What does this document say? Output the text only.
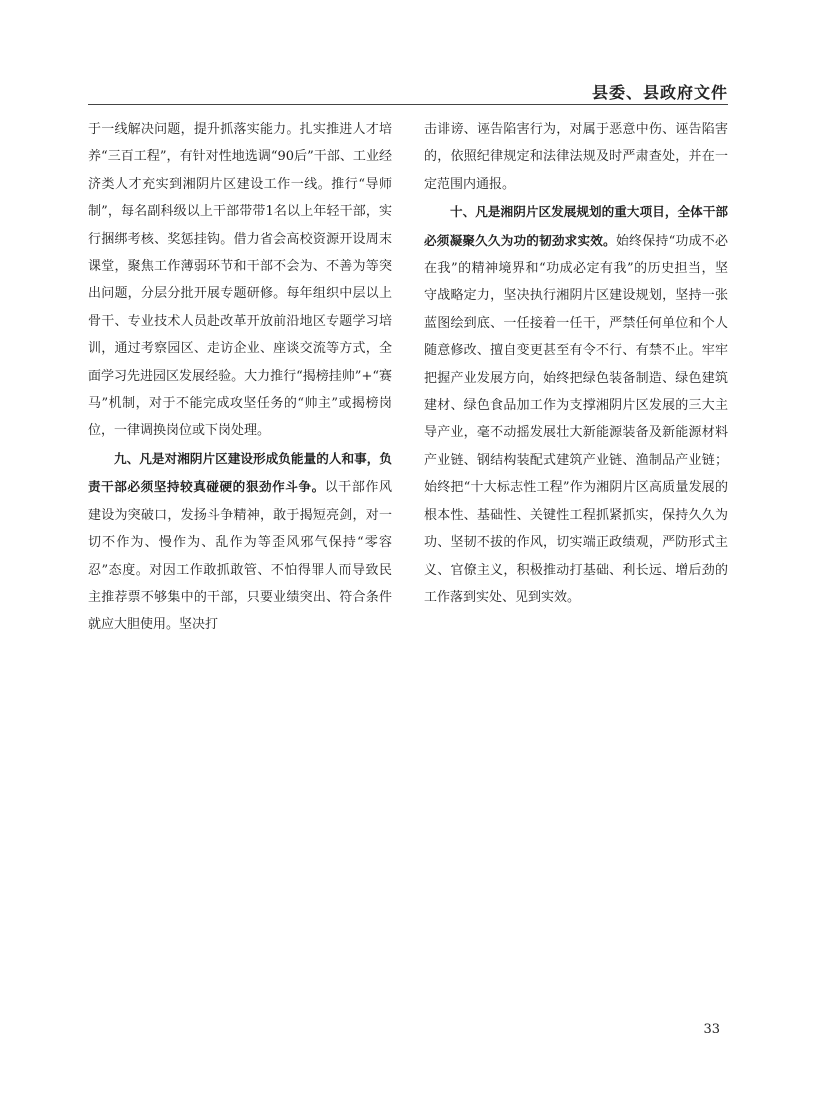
县委、县政府文件

于一线解决问题，提升抓落实能力。扎实推进人才培养“三百工程”，有针对性地选调“90后”干部、工业经济类人才充实到湘阴片区建设工作一线。推行“导师制”，每名副科级以上干部带带1名以上年轻干部，实行捆绑考核、奖惩挂钩。借力省会高校资源开设周末课堂，聚焦工作薄弱环节和干部不会为、不善为等突出问题，分层分批开展专题研修。每年组织中层以上骨干、专业技术人员赴改革开放前沿地区专题学习培训，通过考察园区、走访企业、座谈交流等方式，全面学习先进园区发展经验。大力推行“揭榜挂帅”+“赛马”机制，对于不能完成攻坚任务的“帅主”或揭榜岗位，一律调换岗位或下岗处理。

九、凡是对湘阴片区建设形成负能量的人和事，负责干部必须坚持较真碰硬的狠劲作斗争。以干部作风建设为突破口，发扬斗争精神，敢于揭短亮剑，对一切不作为、慢作为、乱作为等歪风邪气保持“零容忍”态度。对因工作敢抓敢管、不怕得罪人而导致民主推荐票不够集中的干部，只要业绩突出、符合条件就应大胆使用。坚决打

击诽谤、诬告陷害行为，对属于恶意中伤、诬告陷害的，依照纪律规定和法律法规及时严肃查处，并在一定范围内通报。

十、凡是湘阴片区发展规划的重大项目，全体干部必须凝聚久久为功的韧劲求实效。始终保持“功成不必在我”的精神境界和“功成必定有我”的历史担当，坚守战略定力，坚决执行湘阴片区建设规划，坚持一张蓝图绘到底、一任接着一任干，严禁任何单位和个人随意修改、擅自变更甚至有令不行、有禁不止。牢牢把握产业发展方向，始终把绿色装备制造、绿色建筑建材、绿色食品加工作为支撑湘阴片区发展的三大主导产业，毫不动摇发展壮大新能源装备及新能源材料产业链、钢结构装配式建筑产业链、渔制品产业链；始终把“十大标志性工程”作为湘阴片区高质量发展的根本性、基础性、关键性工程抓紧抓实，保持久久为功、坚韧不拔的作风，切实端正政绩观，严防形式主义、官僚主义，积极推动打基础、利长远、增后劲的工作落到实处、见到实效。

33
